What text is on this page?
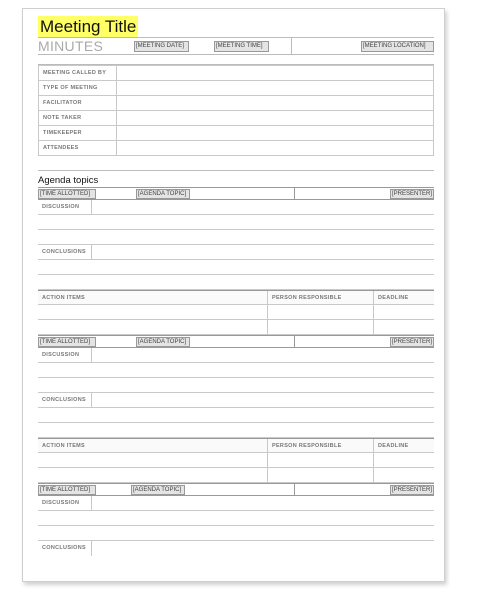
Meeting Title
MINUTES	[MEETING DATE]	[MEETING TIME]	[MEETING LOCATION]
MEETING CALLED BY	
TYPE OF MEETING	
FACILITATOR	
NOTE TAKER	
TIMEKEEPER	
ATTENDEES	
Agenda topics
[TIME ALLOTTED]	[AGENDA TOPIC]	[PRESENTER]
DISCUSSION
CONCLUSIONS
ACTION ITEMS	PERSON RESPONSIBLE	DEADLINE
[TIME ALLOTTED]	[AGENDA TOPIC]	[PRESENTER]
DISCUSSION
CONCLUSIONS
ACTION ITEMS	PERSON RESPONSIBLE	DEADLINE
[TIME ALLOTTED]	[AGENDA TOPIC]	[PRESENTER]
DISCUSSION
CONCLUSIONS
